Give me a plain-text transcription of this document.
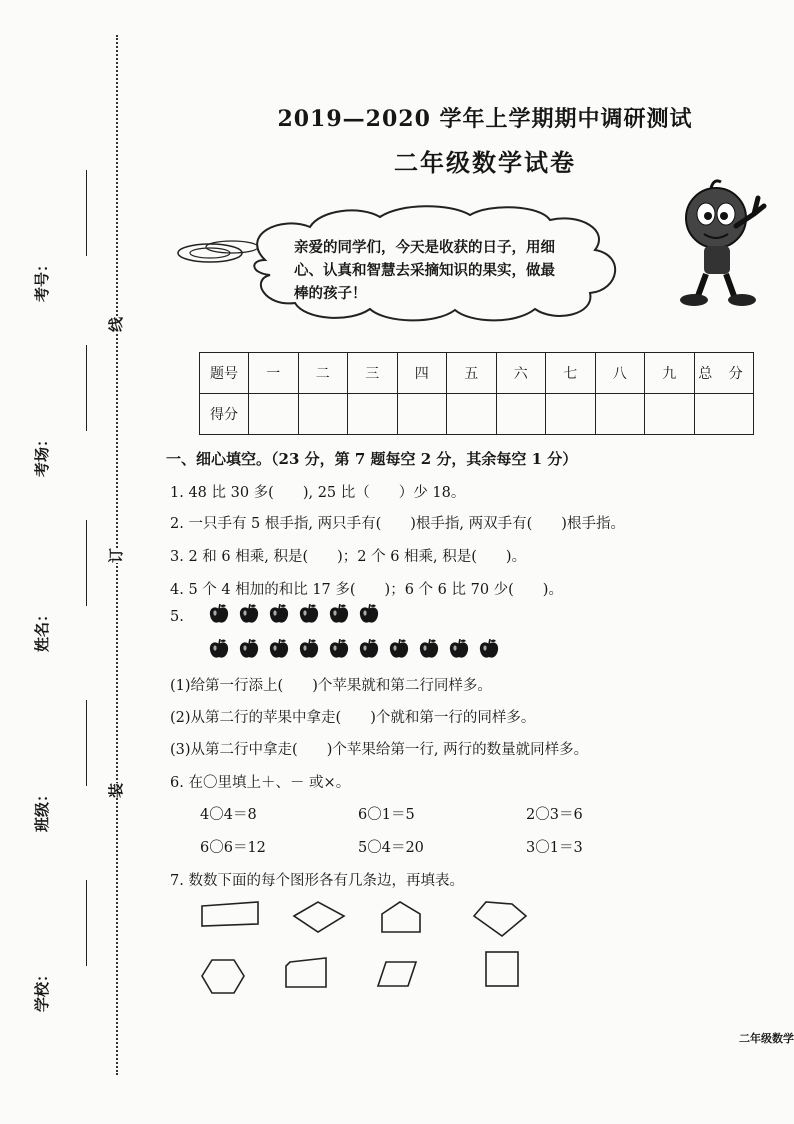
线
订
装
考号：
考场：
姓名：
班级：
学校：
2019—2020 学年上学期期中调研测试
二年级数学试卷
亲爱的同学们，今天是收获的日子，用细
心、认真和智慧去采摘知识的果实，做最
棒的孩子！
题号	一	二	三	四	五	六	七	八	九	总 分
得分										
一、细心填空。（23 分，第 7 题每空 2 分，其余每空 1 分）
1. 48 比 30 多(　　), 25 比（　　）少 18。
2. 一只手有 5 根手指, 两只手有(　　)根手指, 两双手有(　　)根手指。
3. 2 和 6 相乘, 积是(　　)；2 个 6 相乘, 积是(　　)。
4. 5 个 4 相加的和比 17 多(　　)；6 个 6 比 70 少(　　)。
5.
(1)给第一行添上(　　)个苹果就和第二行同样多。
(2)从第二行的苹果中拿走(　　)个就和第一行的同样多。
(3)从第二行中拿走(　　)个苹果给第一行, 两行的数量就同样多。
6. 在〇里填上＋、－ 或×。
4〇4＝8	6〇1＝5	2〇3＝6
6〇6＝12	5〇4＝20	3〇1＝3
7. 数数下面的每个图形各有几条边，再填表。
二年级数学
